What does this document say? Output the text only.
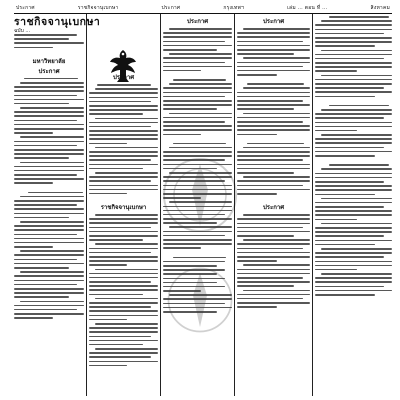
ประกาศ	ราชกิจจานุเบกษา	ประกาศ	กรุงเทพฯ	เล่ม ... ตอน ที่ ...	สิงหาคม
ราชกิจจานุเบกษา
ฉบับ ...
มหาวิทยาลัย
ประกาศ
ประกาศ
ราชกิจจานุเบกษา
ประกาศ	ประกาศ
ประกาศ
